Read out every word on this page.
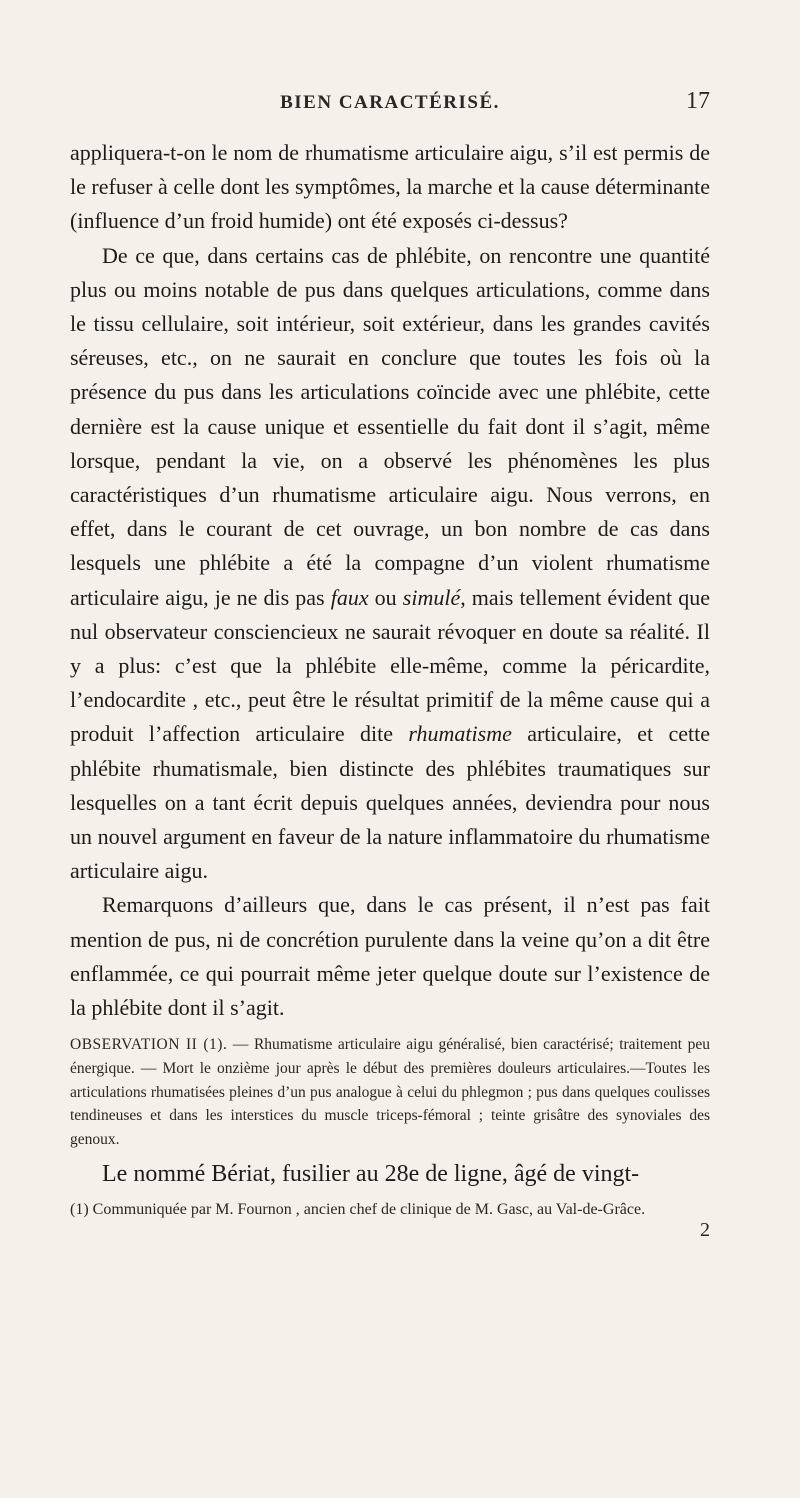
BIEN CARACTÉRISÉ.	17

appliquera-t-on le nom de rhumatisme articulaire aigu, s’il est permis de le refuser à celle dont les symptômes, la marche et la cause déterminante (influence d’un froid humide) ont été exposés ci-dessus?

De ce que, dans certains cas de phlébite, on rencontre une quantité plus ou moins notable de pus dans quelques articulations, comme dans le tissu cellulaire, soit intérieur, soit extérieur, dans les grandes cavités séreuses, etc., on ne saurait en conclure que toutes les fois où la présence du pus dans les articulations coïncide avec une phlébite, cette dernière est la cause unique et essentielle du fait dont il s’agit, même lorsque, pendant la vie, on a observé les phénomènes les plus caractéristiques d’un rhumatisme articulaire aigu. Nous verrons, en effet, dans le courant de cet ouvrage, un bon nombre de cas dans lesquels une phlébite a été la compagne d’un violent rhumatisme articulaire aigu, je ne dis pas faux ou simulé, mais tellement évident que nul observateur consciencieux ne saurait révoquer en doute sa réalité. Il y a plus: c’est que la phlébite elle-même, comme la péricardite, l’endocardite , etc., peut être le résultat primitif de la même cause qui a produit l’affection articulaire dite rhumatisme articulaire, et cette phlébite rhumatismale, bien distincte des phlébites traumatiques sur lesquelles on a tant écrit depuis quelques années, deviendra pour nous un nouvel argument en faveur de la nature inflammatoire du rhumatisme articulaire aigu.

Remarquons d’ailleurs que, dans le cas présent, il n’est pas fait mention de pus, ni de concrétion purulente dans la veine qu’on a dit être enflammée, ce qui pourrait même jeter quelque doute sur l’existence de la phlébite dont il s’agit.

OBSERVATION II (1). — Rhumatisme articulaire aigu généralisé, bien caractérisé; traitement peu énergique. — Mort le onzième jour après le début des premières douleurs articulaires.—Toutes les articulations rhumatisées pleines d’un pus analogue à celui du phlegmon ; pus dans quelques coulisses tendineuses et dans les interstices du muscle triceps-fémoral ; teinte grisâtre des synoviales des genoux.
Le nommé Bériat, fusilier au 28e de ligne, âgé de vingt-
(1) Communiquée par M. Fournon , ancien chef de clinique de M. Gasc, au Val-de-Grâce.
2
